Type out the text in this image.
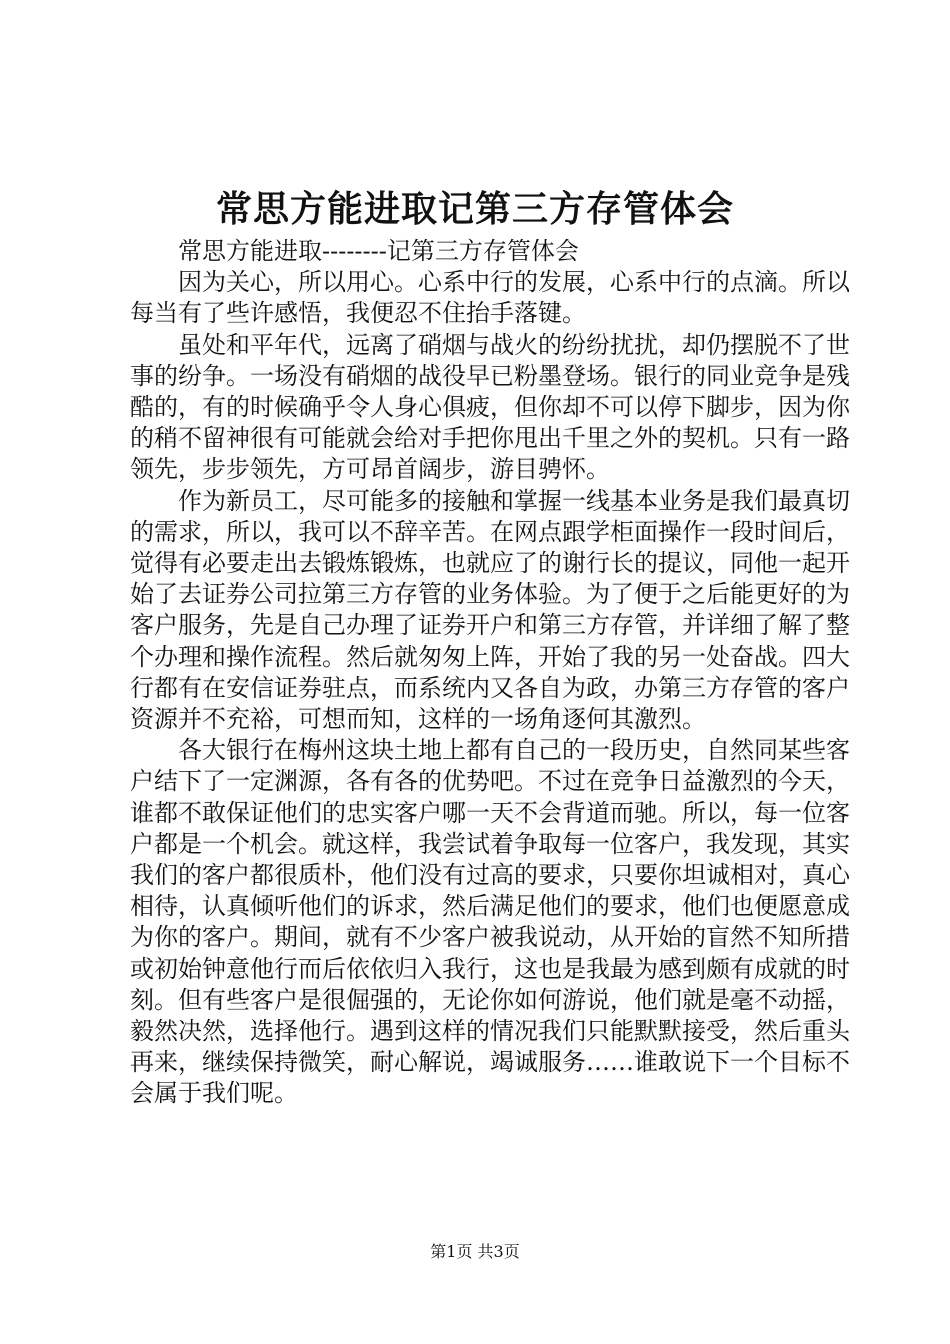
常思方能进取记第三方存管体会

常思方能进取--------记第三方存管体会

因为关心，所以用心。心系中行的发展，心系中行的点滴。所以每当有了些许感悟，我便忍不住抬手落键。

虽处和平年代，远离了硝烟与战火的纷纷扰扰，却仍摆脱不了世事的纷争。一场没有硝烟的战役早已粉墨登场。银行的同业竞争是残酷的，有的时候确乎令人身心俱疲，但你却不可以停下脚步，因为你的稍不留神很有可能就会给对手把你甩出千里之外的契机。只有一路领先，步步领先，方可昂首阔步，游目骋怀。

作为新员工，尽可能多的接触和掌握一线基本业务是我们最真切的需求，所以，我可以不辞辛苦。在网点跟学柜面操作一段时间后，觉得有必要走出去锻炼锻炼，也就应了的谢行长的提议，同他一起开始了去证券公司拉第三方存管的业务体验。为了便于之后能更好的为客户服务，先是自己办理了证券开户和第三方存管，并详细了解了整个办理和操作流程。然后就匆匆上阵，开始了我的另一处奋战。四大行都有在安信证券驻点，而系统内又各自为政，办第三方存管的客户资源并不充裕，可想而知，这样的一场角逐何其激烈。

各大银行在梅州这块土地上都有自己的一段历史，自然同某些客户结下了一定渊源，各有各的优势吧。不过在竞争日益激烈的今天，谁都不敢保证他们的忠实客户哪一天不会背道而驰。所以，每一位客户都是一个机会。就这样，我尝试着争取每一位客户，我发现，其实我们的客户都很质朴，他们没有过高的要求，只要你坦诚相对，真心相待，认真倾听他们的诉求，然后满足他们的要求，他们也便愿意成为你的客户。期间，就有不少客户被我说动，从开始的盲然不知所措或初始钟意他行而后依依归入我行，这也是我最为感到颇有成就的时刻。但有些客户是很倔强的，无论你如何游说，他们就是毫不动摇，毅然决然，选择他行。遇到这样的情况我们只能默默接受，然后重头再来，继续保持微笑，耐心解说，竭诚服务……谁敢说下一个目标不会属于我们呢。

第1页 共3页
